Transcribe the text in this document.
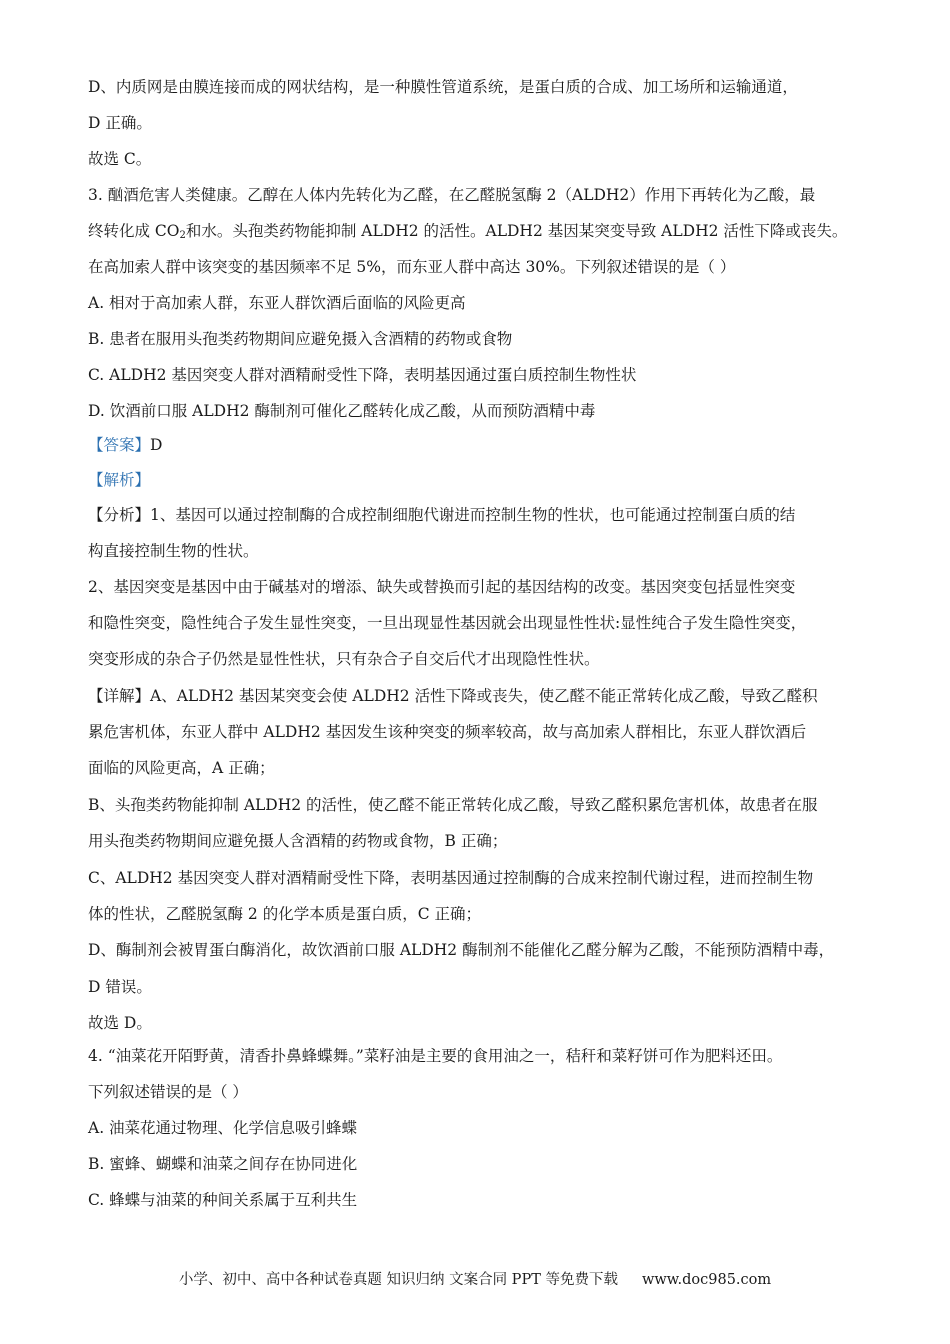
D、内质网是由膜连接而成的网状结构，是一种膜性管道系统，是蛋白质的合成、加工场所和运输通道，

D 正确。

故选 C。

3. 酗酒危害人类健康。乙醇在人体内先转化为乙醛，在乙醛脱氢酶 2（ALDH2）作用下再转化为乙酸，最

终转化成 $CO_2$和水。头孢类药物能抑制 ALDH2 的活性。ALDH2 基因某突变导致 ALDH2 活性下降或丧失。

在高加索人群中该突变的基因频率不足 5%，而东亚人群中高达 30%。下列叙述错误的是（ ）

A. 相对于高加索人群，东亚人群饮酒后面临的风险更高

B. 患者在服用头孢类药物期间应避免摄入含酒精的药物或食物

C. ALDH2 基因突变人群对酒精耐受性下降，表明基因通过蛋白质控制生物性状

D. 饮酒前口服 ALDH2 酶制剂可催化乙醛转化成乙酸，从而预防酒精中毒

【答案】D

【解析】

【分析】1、基因可以通过控制酶的合成控制细胞代谢进而控制生物的性状，也可能通过控制蛋白质的结

构直接控制生物的性状。

2、基因突变是基因中由于碱基对的增添、缺失或替换而引起的基因结构的改变。基因突变包括显性突变

和隐性突变，隐性纯合子发生显性突变，一旦出现显性基因就会出现显性性状:显性纯合子发生隐性突变，

突变形成的杂合子仍然是显性性状，只有杂合子自交后代才出现隐性性状。

【详解】A、ALDH2 基因某突变会使 ALDH2 活性下降或丧失，使乙醛不能正常转化成乙酸，导致乙醛积

累危害机体，东亚人群中 ALDH2 基因发生该种突变的频率较高，故与高加索人群相比，东亚人群饮酒后

面临的风险更高，A 正确；

B、头孢类药物能抑制 ALDH2 的活性，使乙醛不能正常转化成乙酸，导致乙醛积累危害机体，故患者在服

用头孢类药物期间应避免摄人含酒精的药物或食物，B 正确；

C、ALDH2 基因突变人群对酒精耐受性下降，表明基因通过控制酶的合成来控制代谢过程，进而控制生物

体的性状，乙醛脱氢酶 2 的化学本质是蛋白质，C 正确；

D、酶制剂会被胃蛋白酶消化，故饮酒前口服 ALDH2 酶制剂不能催化乙醛分解为乙酸，不能预防酒精中毒，

D 错误。

故选 D。

4. “油菜花开陌野黄，清香扑鼻蜂蝶舞。”菜籽油是主要的食用油之一，秸秆和菜籽饼可作为肥料还田。

下列叙述错误的是（ ）

A. 油菜花通过物理、化学信息吸引蜂蝶

B. 蜜蜂、蝴蝶和油菜之间存在协同进化

C. 蜂蝶与油菜的种间关系属于互利共生

小学、初中、高中各种试卷真题 知识归纳 文案合同 PPT 等免费下载 www.doc985.com
